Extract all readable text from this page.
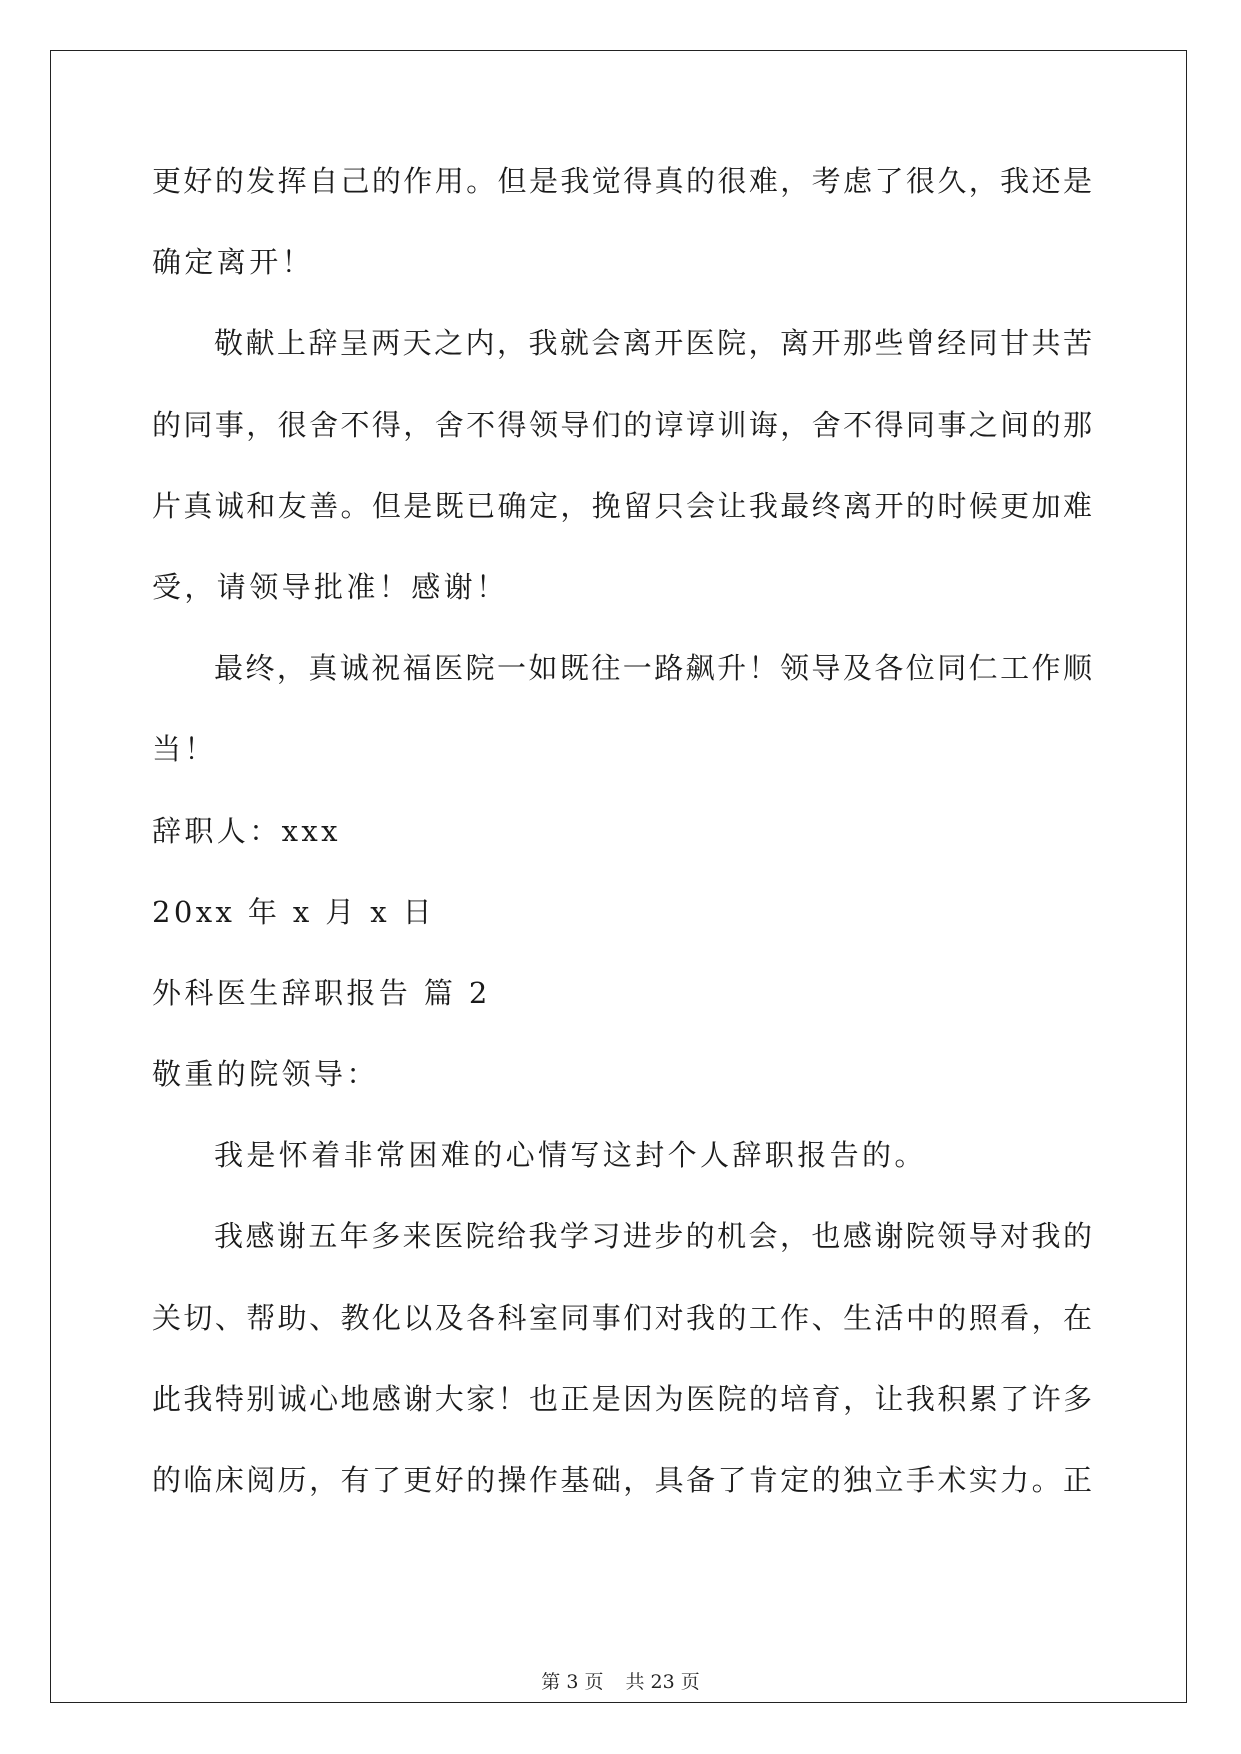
更好的发挥自己的作用。但是我觉得真的很难，考虑了很久，我还是
确定离开！
敬献上辞呈两天之内，我就会离开医院，离开那些曾经同甘共苦
的同事，很舍不得，舍不得领导们的谆谆训诲，舍不得同事之间的那
片真诚和友善。但是既已确定，挽留只会让我最终离开的时候更加难
受，请领导批准！感谢！
最终，真诚祝福医院一如既往一路飙升！领导及各位同仁工作顺
当！
辞职人：xxx
20xx 年 x 月 x 日
外科医生辞职报告 篇 2
敬重的院领导：
我是怀着非常困难的心情写这封个人辞职报告的。
我感谢五年多来医院给我学习进步的机会，也感谢院领导对我的
关切、帮助、教化以及各科室同事们对我的工作、生活中的照看，在
此我特别诚心地感谢大家！也正是因为医院的培育，让我积累了许多
的临床阅历，有了更好的操作基础，具备了肯定的独立手术实力。正
第 3 页 共 23 页
